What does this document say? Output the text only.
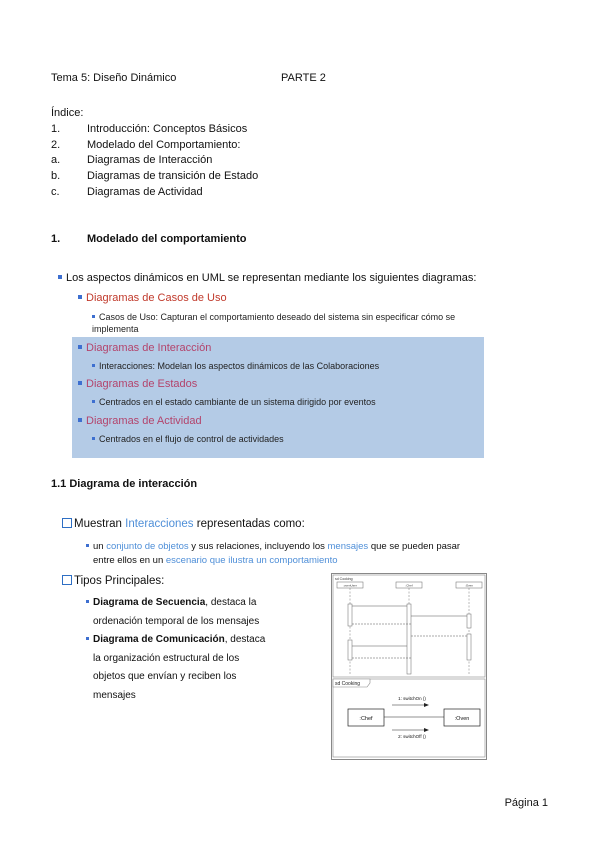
Tema 5: Diseño Dinámico	PARTE 2
Índice:
1.	Introducción: Conceptos Básicos
2.	Modelado del Comportamiento:
a.	Diagramas de Interacción
b.	Diagramas de transición de Estado
c.	Diagramas de Actividad
1.	Modelado del comportamiento
Los aspectos dinámicos en UML se representan mediante los siguientes diagramas:
Diagramas de Casos de Uso
Casos de Uso: Capturan el comportamiento deseado del sistema sin especificar cómo se implementa
Diagramas de Interacción
Interacciones: Modelan los aspectos dinámicos de las Colaboraciones
Diagramas de Estados
Centrados en el estado cambiante de un sistema dirigido por eventos
Diagramas de Actividad
Centrados en el flujo de control de actividades
1.1 Diagrama de interacción
Muestran Interacciones representadas como:
un conjunto de objetos y sus relaciones, incluyendo los mensajes que se pueden pasar
entre ellos en un escenario que ilustra un comportamiento
Tipos Principales:
Diagrama de Secuencia, destaca la
ordenación temporal de los mensajes
Diagrama de Comunicación, destaca
la organización estructural de los
objetos que envían y reciben los
mensajes
sd Cooking
:ovenUser	:Chef	:Oven
sd Cooking
:Chef	:Oven
1: switchOn ()
2: switchOff ()
Página 1
